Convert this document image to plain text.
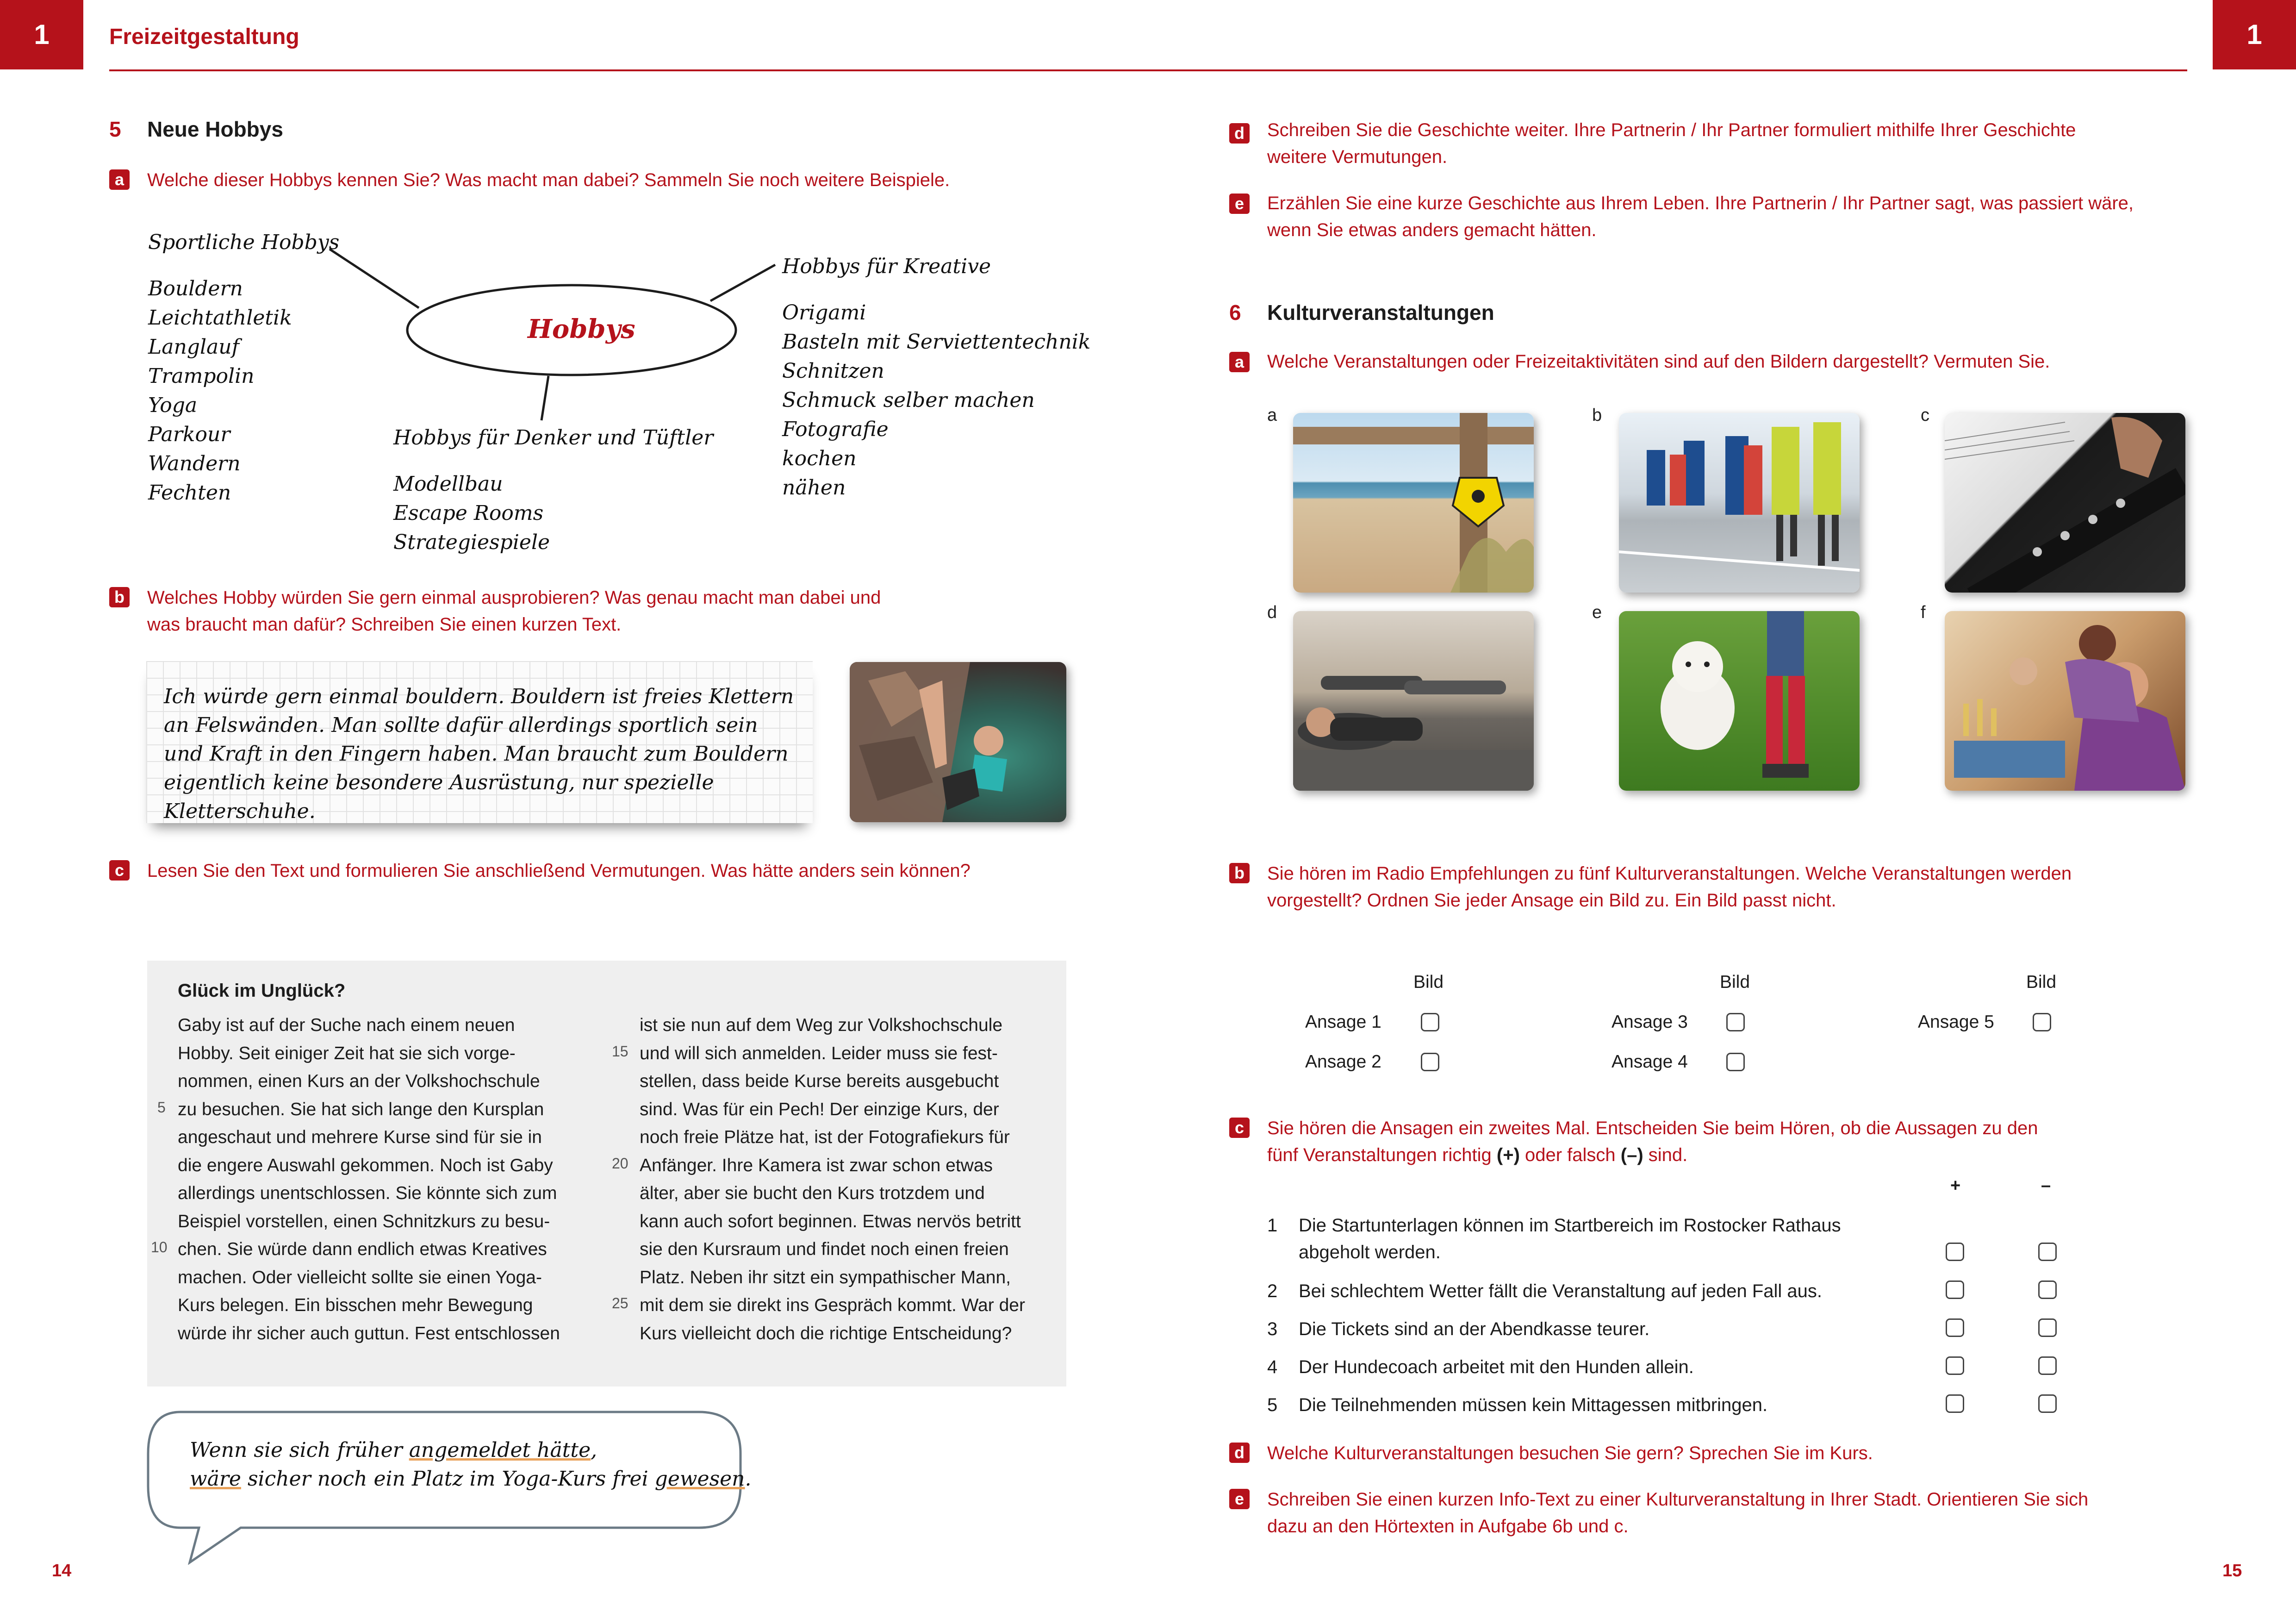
1	1
Freizeitgestaltung
5 Neue Hobbys
a Welche dieser Hobbys kennen Sie? Was macht man dabei? Sammeln Sie noch weitere Beispiele.
Hobbys
Sportliche Hobbys
Bouldern
Leichtathletik
Langlauf
Trampolin
Yoga
Parkour
Wandern
Fechten
Hobbys für Kreative
Origami
Basteln mit Serviettentechnik
Schnitzen
Schmuck selber machen
Fotografie
kochen
nähen
Hobbys für Denker und Tüftler
Modellbau
Escape Rooms
Strategiespiele
b Welches Hobby würden Sie gern einmal ausprobieren? Was genau macht man dabei und
was braucht man dafür? Schreiben Sie einen kurzen Text.
Ich würde gern einmal bouldern. Bouldern ist freies Klettern
an Felswänden. Man sollte dafür allerdings sportlich sein
und Kraft in den Fingern haben. Man braucht zum Bouldern
eigentlich keine besondere Ausrüstung, nur spezielle Kletterschuhe.
c Lesen Sie den Text und formulieren Sie anschließend Vermutungen. Was hätte anders sein können?
Glück im Unglück?
Gaby ist auf der Suche nach einem neuen
Hobby. Seit einiger Zeit hat sie sich vorge-
nommen, einen Kurs an der Volkshochschule
zu besuchen. Sie hat sich lange den Kursplan
angeschaut und mehrere Kurse sind für sie in
die engere Auswahl gekommen. Noch ist Gaby
allerdings unentschlossen. Sie könnte sich zum
Beispiel vorstellen, einen Schnitzkurs zu besu-
chen. Sie würde dann endlich etwas Kreatives
machen. Oder vielleicht sollte sie einen Yoga-
Kurs belegen. Ein bisschen mehr Bewegung
würde ihr sicher auch guttun. Fest entschlossen
ist sie nun auf dem Weg zur Volkshochschule
und will sich anmelden. Leider muss sie fest-
stellen, dass beide Kurse bereits ausgebucht
sind. Was für ein Pech! Der einzige Kurs, der
noch freie Plätze hat, ist der Fotografiekurs für
Anfänger. Ihre Kamera ist zwar schon etwas
älter, aber sie bucht den Kurs trotzdem und
kann auch sofort beginnen. Etwas nervös betritt
sie den Kursraum und findet noch einen freien
Platz. Neben ihr sitzt ein sympathischer Mann,
mit dem sie direkt ins Gespräch kommt. War der
Kurs vielleicht doch die richtige Entscheidung?
5
10
15
20
25
Wenn sie sich früher angemeldet hätte,
wäre sicher noch ein Platz im Yoga-Kurs frei gewesen.
14
d Schreiben Sie die Geschichte weiter. Ihre Partnerin / Ihr Partner formuliert mithilfe Ihrer Geschichte
weitere Vermutungen.
e Erzählen Sie eine kurze Geschichte aus Ihrem Leben. Ihre Partnerin / Ihr Partner sagt, was passiert wäre,
wenn Sie etwas anders gemacht hätten.
6 Kulturveranstaltungen
a Welche Veranstaltungen oder Freizeitaktivitäten sind auf den Bildern dargestellt? Vermuten Sie.
a	b	c
d	e	f
b Sie hören im Radio Empfehlungen zu fünf Kulturveranstaltungen. Welche Veranstaltungen werden
vorgestellt? Ordnen Sie jeder Ansage ein Bild zu. Ein Bild passt nicht.
Bild	Bild	Bild
Ansage 1
Ansage 2
Ansage 3
Ansage 4
Ansage 5
c Sie hören die Ansagen ein zweites Mal. Entscheiden Sie beim Hören, ob die Aussagen zu den
fünf Veranstaltungen richtig (+) oder falsch (–) sind.
+	–
1 Die Startunterlagen können im Startbereich im Rostocker Rathaus
abgeholt werden.
2 Bei schlechtem Wetter fällt die Veranstaltung auf jeden Fall aus.
3 Die Tickets sind an der Abendkasse teurer.
4 Der Hundecoach arbeitet mit den Hunden allein.
5 Die Teilnehmenden müssen kein Mittagessen mitbringen.
d Welche Kulturveranstaltungen besuchen Sie gern? Sprechen Sie im Kurs.
e Schreiben Sie einen kurzen Info-Text zu einer Kulturveranstaltung in Ihrer Stadt. Orientieren Sie sich
dazu an den Hörtexten in Aufgabe 6b und c.
15
